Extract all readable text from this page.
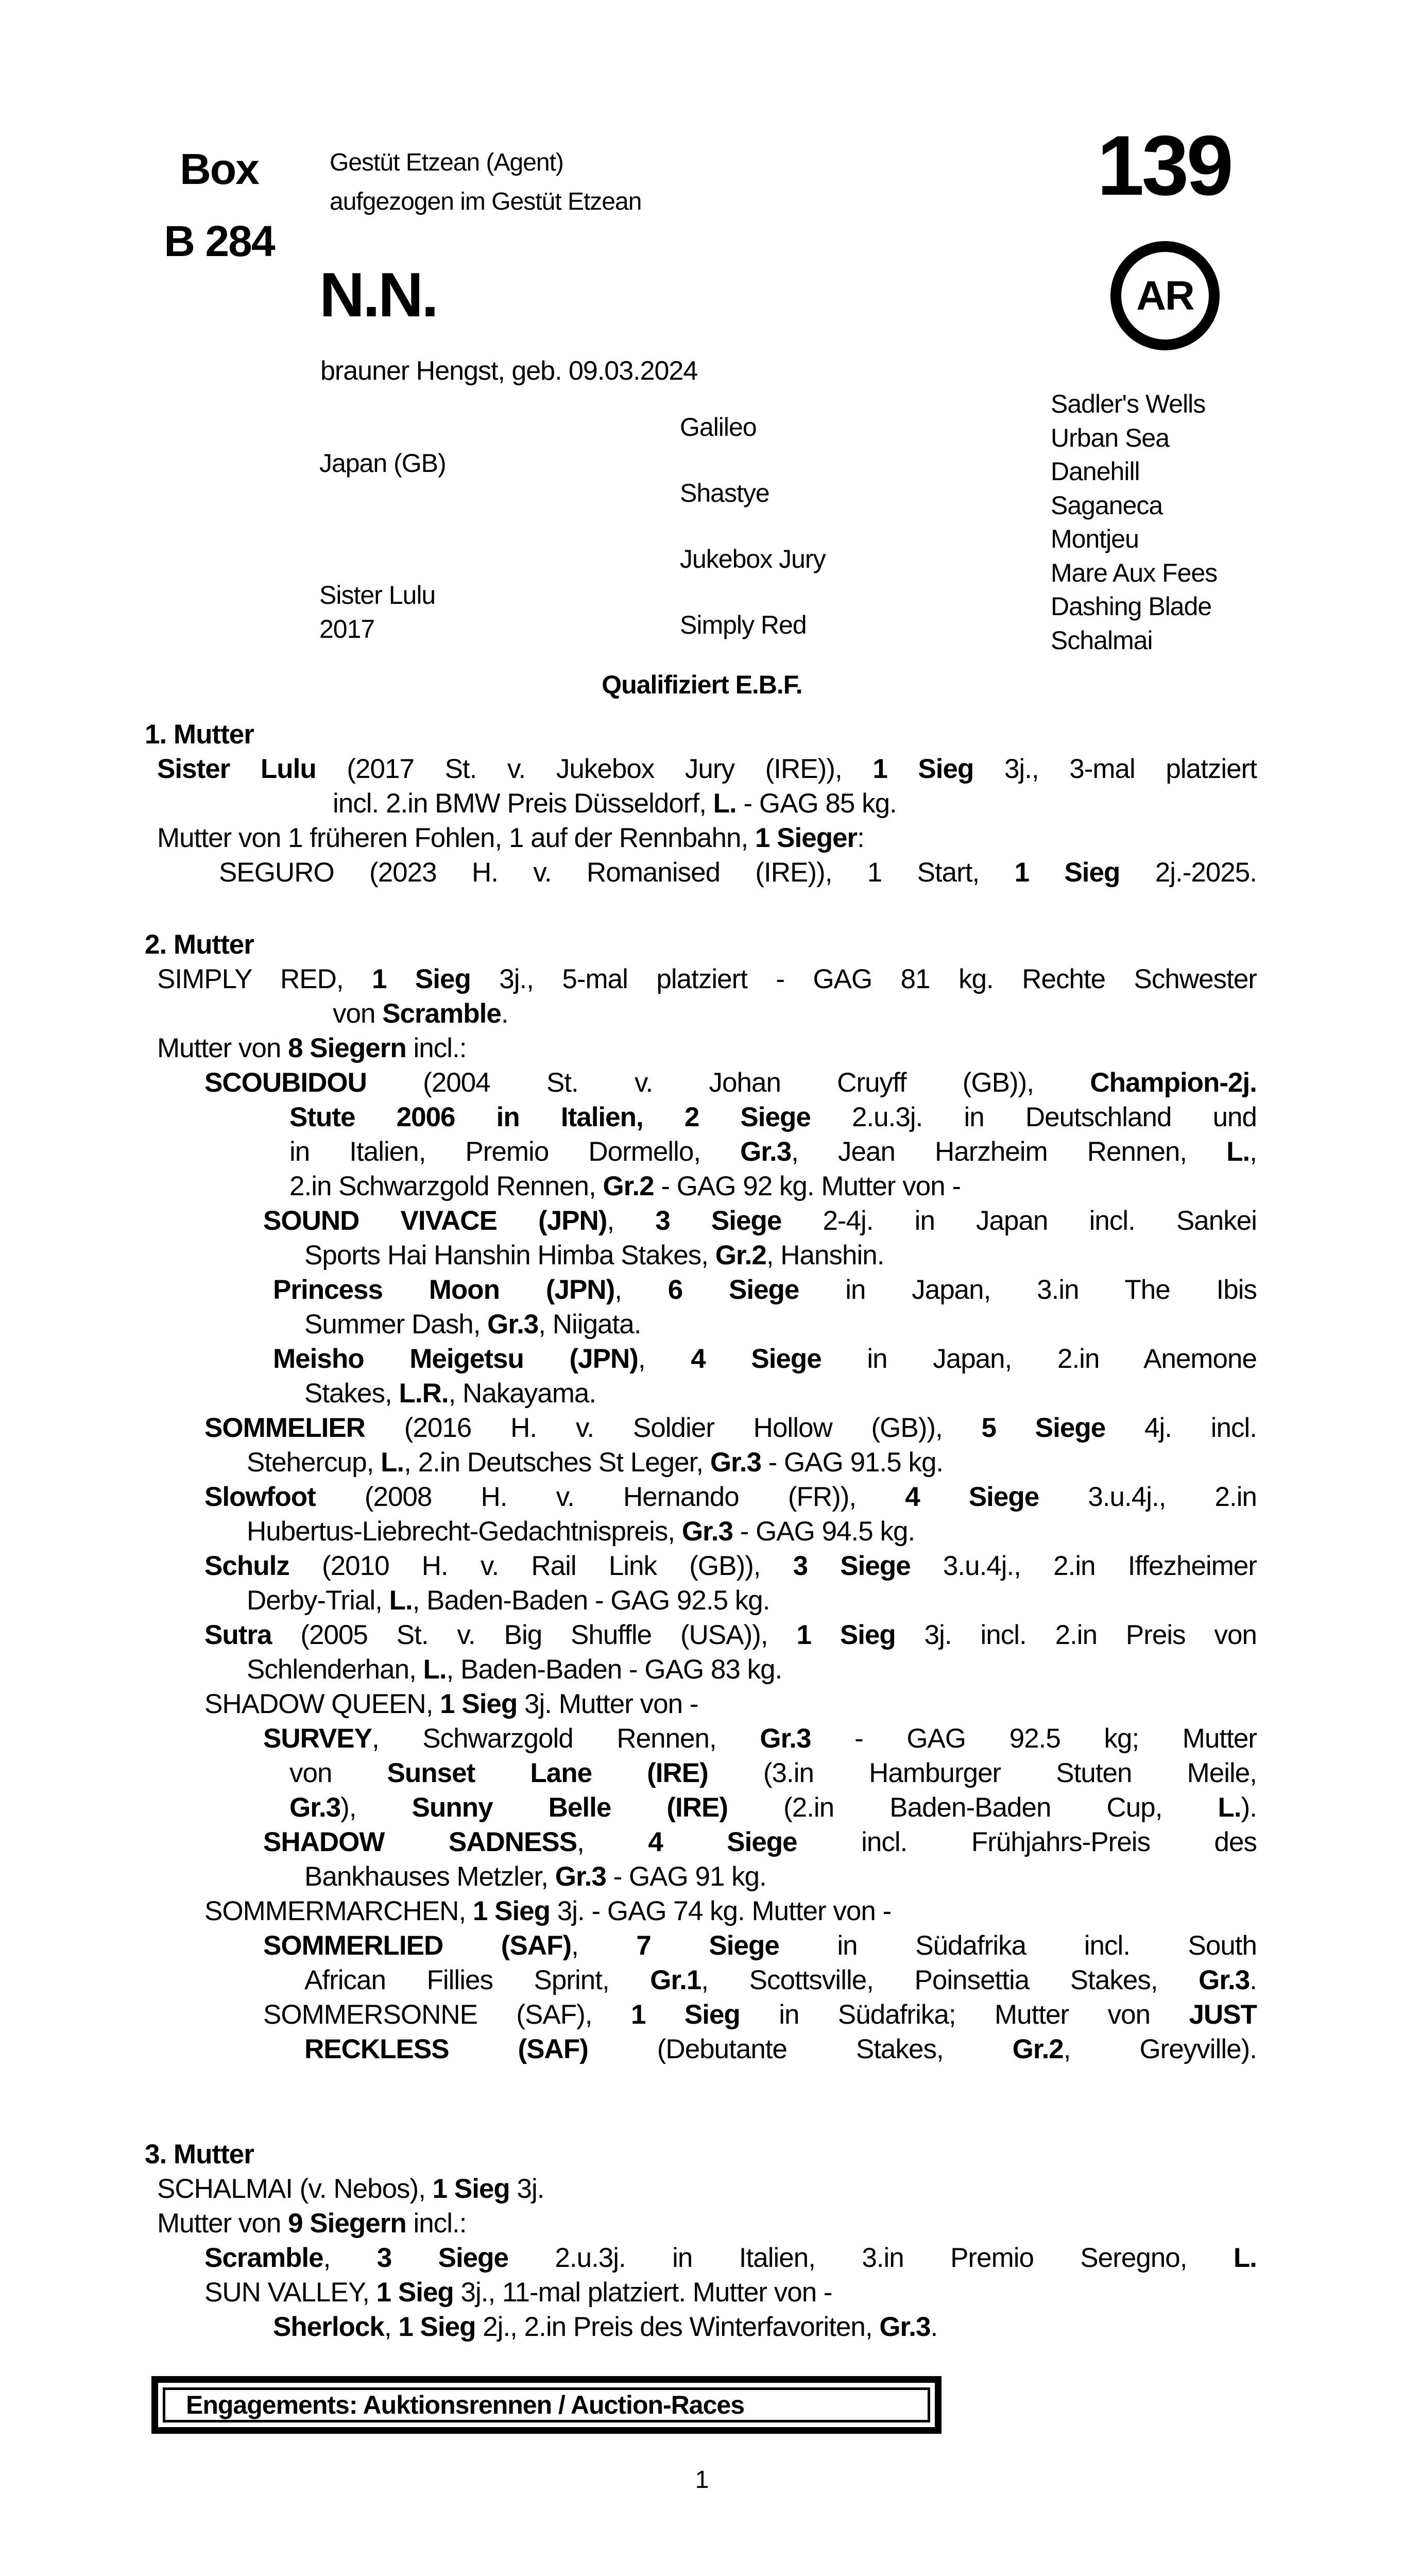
Box
B 284
Gestüt Etzean (Agent)
aufgezogen im Gestüt Etzean	139
AR
N.N.
brauner Hengst, geb. 09.03.2024
Japan (GB)
Sister Lulu
2017
Galileo
Shastye
Jukebox Jury
Simply Red
Sadler's Wells
Urban Sea
Danehill
Saganeca
Montjeu
Mare Aux Fees
Dashing Blade
Schalmai
Qualifiziert E.B.F.
1. Mutter
Sister Lulu (2017 St. v. Jukebox Jury (IRE)), 1 Sieg 3j., 3-mal platziert
incl. 2.in BMW Preis Düsseldorf, L. - GAG 85 kg.
Mutter von 1 früheren Fohlen, 1 auf der Rennbahn, 1 Sieger:
SEGURO (2023 H. v. Romanised (IRE)), 1 Start, 1 Sieg 2j.-2025.
2. Mutter
SIMPLY RED, 1 Sieg 3j., 5-mal platziert - GAG 81 kg. Rechte Schwester
von Scramble.
Mutter von 8 Siegern incl.:
SCOUBIDOU (2004 St. v. Johan Cruyff (GB)), Champion-2j.
Stute 2006 in Italien, 2 Siege 2.u.3j. in Deutschland und
in Italien, Premio Dormello, Gr.3, Jean Harzheim Rennen, L.,
2.in Schwarzgold Rennen, Gr.2 - GAG 92 kg. Mutter von -
SOUND VIVACE (JPN), 3 Siege 2-4j. in Japan incl. Sankei
Sports Hai Hanshin Himba Stakes, Gr.2, Hanshin.
Princess Moon (JPN), 6 Siege in Japan, 3.in The Ibis
Summer Dash, Gr.3, Niigata.
Meisho Meigetsu (JPN), 4 Siege in Japan, 2.in Anemone
Stakes, L.R., Nakayama.
SOMMELIER (2016 H. v. Soldier Hollow (GB)), 5 Siege 4j. incl.
Stehercup, L., 2.in Deutsches St Leger, Gr.3 - GAG 91.5 kg.
Slowfoot (2008 H. v. Hernando (FR)), 4 Siege 3.u.4j., 2.in
Hubertus-Liebrecht-Gedachtnispreis, Gr.3 - GAG 94.5 kg.
Schulz (2010 H. v. Rail Link (GB)), 3 Siege 3.u.4j., 2.in Iffezheimer
Derby-Trial, L., Baden-Baden - GAG 92.5 kg.
Sutra (2005 St. v. Big Shuffle (USA)), 1 Sieg 3j. incl. 2.in Preis von
Schlenderhan, L., Baden-Baden - GAG 83 kg.
SHADOW QUEEN, 1 Sieg 3j. Mutter von -
SURVEY, Schwarzgold Rennen, Gr.3 - GAG 92.5 kg; Mutter
von Sunset Lane (IRE) (3.in Hamburger Stuten Meile,
Gr.3), Sunny Belle (IRE) (2.in Baden-Baden Cup, L.).
SHADOW SADNESS, 4 Siege incl. Frühjahrs-Preis des
Bankhauses Metzler, Gr.3 - GAG 91 kg.
SOMMERMARCHEN, 1 Sieg 3j. - GAG 74 kg. Mutter von -
SOMMERLIED (SAF), 7 Siege in Südafrika incl. South
African Fillies Sprint, Gr.1, Scottsville, Poinsettia Stakes, Gr.3.
SOMMERSONNE (SAF), 1 Sieg in Südafrika; Mutter von JUST
RECKLESS (SAF) (Debutante Stakes, Gr.2, Greyville).
3. Mutter
SCHALMAI (v. Nebos), 1 Sieg 3j.
Mutter von 9 Siegern incl.:
Scramble, 3 Siege 2.u.3j. in Italien, 3.in Premio Seregno, L.
SUN VALLEY, 1 Sieg 3j., 11-mal platziert. Mutter von -
Sherlock, 1 Sieg 2j., 2.in Preis des Winterfavoriten, Gr.3.
Engagements: Auktionsrennen / Auction-Races
1
